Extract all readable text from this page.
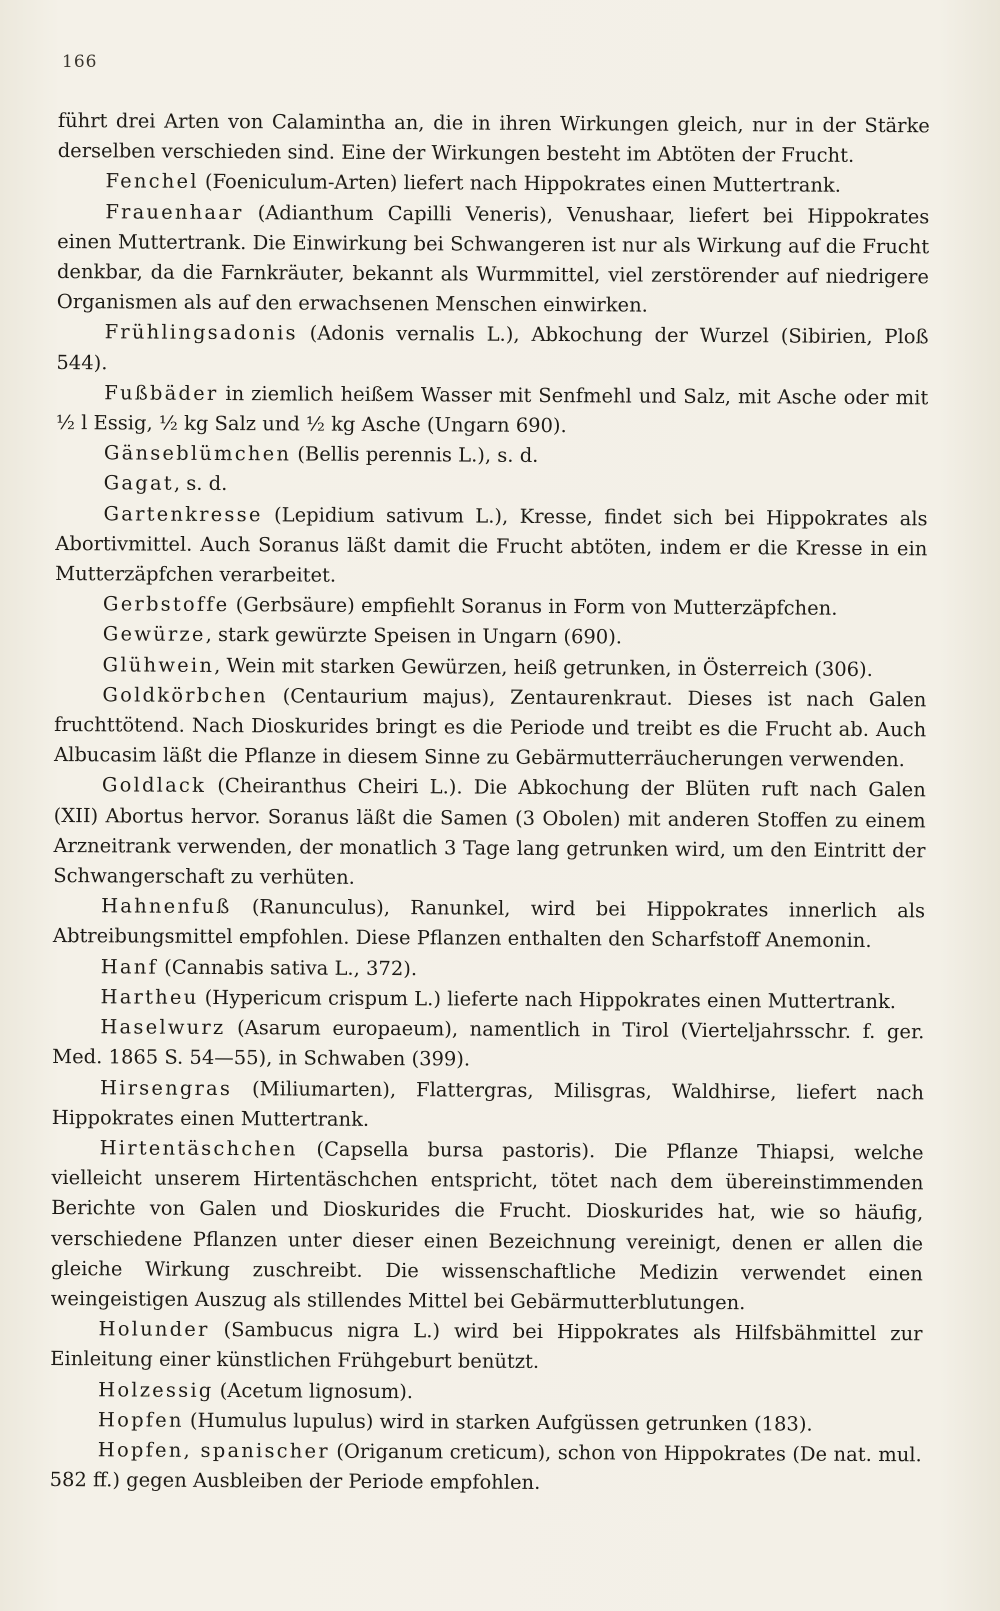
166

führt drei Arten von Calamintha an, die in ihren Wirkungen gleich, nur in der Stärke derselben verschieden sind. Eine der Wirkungen besteht im Abtöten der Frucht.

Fenchel (Foeniculum-Arten) liefert nach Hippokrates einen Muttertrank.

Frauenhaar (Adianthum Capilli Veneris), Venushaar, liefert bei Hippokrates einen Muttertrank. Die Einwirkung bei Schwangeren ist nur als Wirkung auf die Frucht denkbar, da die Farnkräuter, bekannt als Wurmmittel, viel zerstörender auf niedrigere Organismen als auf den erwachsenen Menschen einwirken.

Frühlingsadonis (Adonis vernalis L.), Abkochung der Wurzel (Sibirien, Ploß 544).

Fußbäder in ziemlich heißem Wasser mit Senfmehl und Salz, mit Asche oder mit ½ l Essig, ½ kg Salz und ½ kg Asche (Ungarn 690).

Gänseblümchen (Bellis perennis L.), s. d.

Gagat, s. d.

Gartenkresse (Lepidium sativum L.), Kresse, findet sich bei Hippokrates als Abortivmittel. Auch Soranus läßt damit die Frucht abtöten, indem er die Kresse in ein Mutterzäpfchen verarbeitet.

Gerbstoffe (Gerbsäure) empfiehlt Soranus in Form von Mutterzäpfchen.

Gewürze, stark gewürzte Speisen in Ungarn (690).

Glühwein, Wein mit starken Gewürzen, heiß getrunken, in Österreich (306).

Goldkörbchen (Centaurium majus), Zentaurenkraut. Dieses ist nach Galen fruchttötend. Nach Dioskurides bringt es die Periode und treibt es die Frucht ab. Auch Albucasim läßt die Pflanze in diesem Sinne zu Gebärmutterräucherungen verwenden.

Goldlack (Cheiranthus Cheiri L.). Die Abkochung der Blüten ruft nach Galen (XII) Abortus hervor. Soranus läßt die Samen (3 Obolen) mit anderen Stoffen zu einem Arzneitrank verwenden, der monatlich 3 Tage lang getrunken wird, um den Eintritt der Schwangerschaft zu verhüten.

Hahnenfuß (Ranunculus), Ranunkel, wird bei Hippokrates innerlich als Abtreibungsmittel empfohlen. Diese Pflanzen enthalten den Scharfstoff Anemonin.

Hanf (Cannabis sativa L., 372).

Hartheu (Hypericum crispum L.) lieferte nach Hippokrates einen Muttertrank.

Haselwurz (Asarum europaeum), namentlich in Tirol (Vierteljahrsschr. f. ger. Med. 1865 S. 54—55), in Schwaben (399).

Hirsengras (Miliumarten), Flattergras, Milisgras, Waldhirse, liefert nach Hippokrates einen Muttertrank.

Hirtentäschchen (Capsella bursa pastoris). Die Pflanze Thiapsi, welche vielleicht unserem Hirtentäschchen entspricht, tötet nach dem übereinstimmenden Berichte von Galen und Dioskurides die Frucht. Dioskurides hat, wie so häufig, verschiedene Pflanzen unter dieser einen Bezeichnung vereinigt, denen er allen die gleiche Wirkung zuschreibt. Die wissenschaftliche Medizin verwendet einen weingeistigen Auszug als stillendes Mittel bei Gebärmutterblutungen.

Holunder (Sambucus nigra L.) wird bei Hippokrates als Hilfsbähmittel zur Einleitung einer künstlichen Frühgeburt benützt.

Holzessig (Acetum lignosum).

Hopfen (Humulus lupulus) wird in starken Aufgüssen getrunken (183).

Hopfen, spanischer (Origanum creticum), schon von Hippokrates (De nat. mul. 582 ff.) gegen Ausbleiben der Periode empfohlen.
